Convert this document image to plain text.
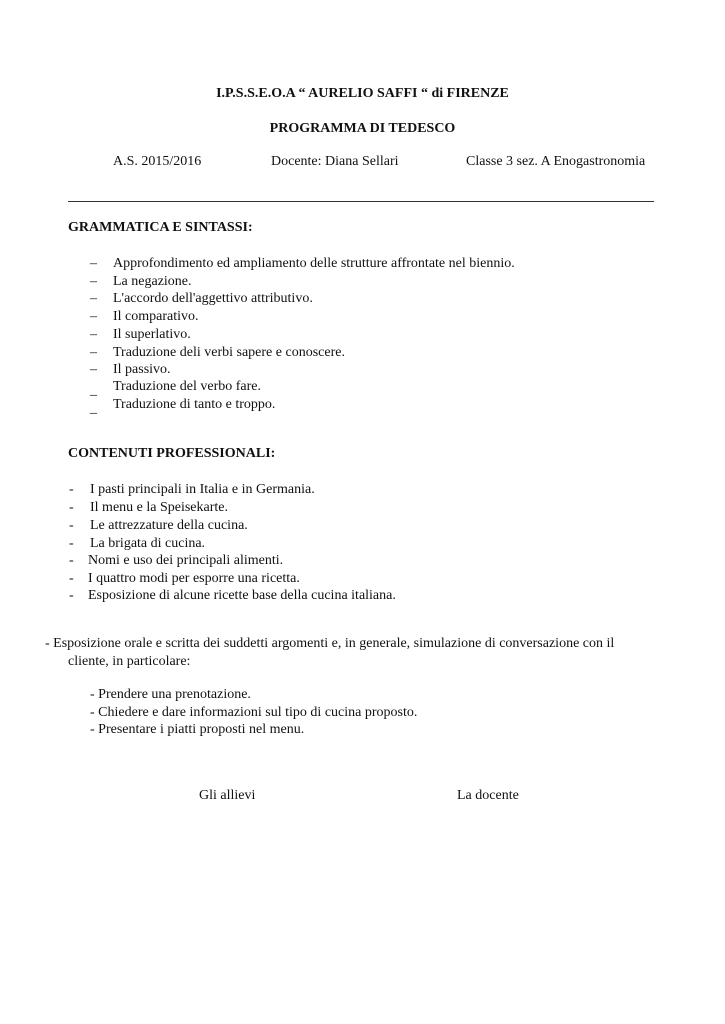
I.P.S.S.E.O.A “ AURELIO SAFFI “ di FIRENZE
PROGRAMMA DI TEDESCO
A.S. 2015/2016	Docente: Diana Sellari	Classe 3 sez. A Enogastronomia
GRAMMATICA E SINTASSI:
– Approfondimento ed ampliamento delle strutture affrontate nel biennio.
– La negazione.
– L'accordo dell'aggettivo attributivo.
– Il comparativo.
– Il superlativo.
– Traduzione deli verbi sapere e conoscere.
– Il passivo.
_ Traduzione del verbo fare.
_ Traduzione di tanto e troppo.
CONTENUTI PROFESSIONALI:
- I pasti principali in Italia e in Germania.
- Il menu e la Speisekarte.
- Le attrezzature della cucina.
- La brigata di cucina.
- Nomi e uso dei principali alimenti.
- I quattro modi per esporre una ricetta.
- Esposizione di alcune ricette base della cucina italiana.
- Esposizione orale e scritta dei suddetti argomenti e, in generale, simulazione di conversazione con il
cliente, in particolare:
- Prendere una prenotazione.
- Chiedere e dare informazioni sul tipo di cucina proposto.
- Presentare i piatti proposti nel menu.
Gli allievi	La docente
